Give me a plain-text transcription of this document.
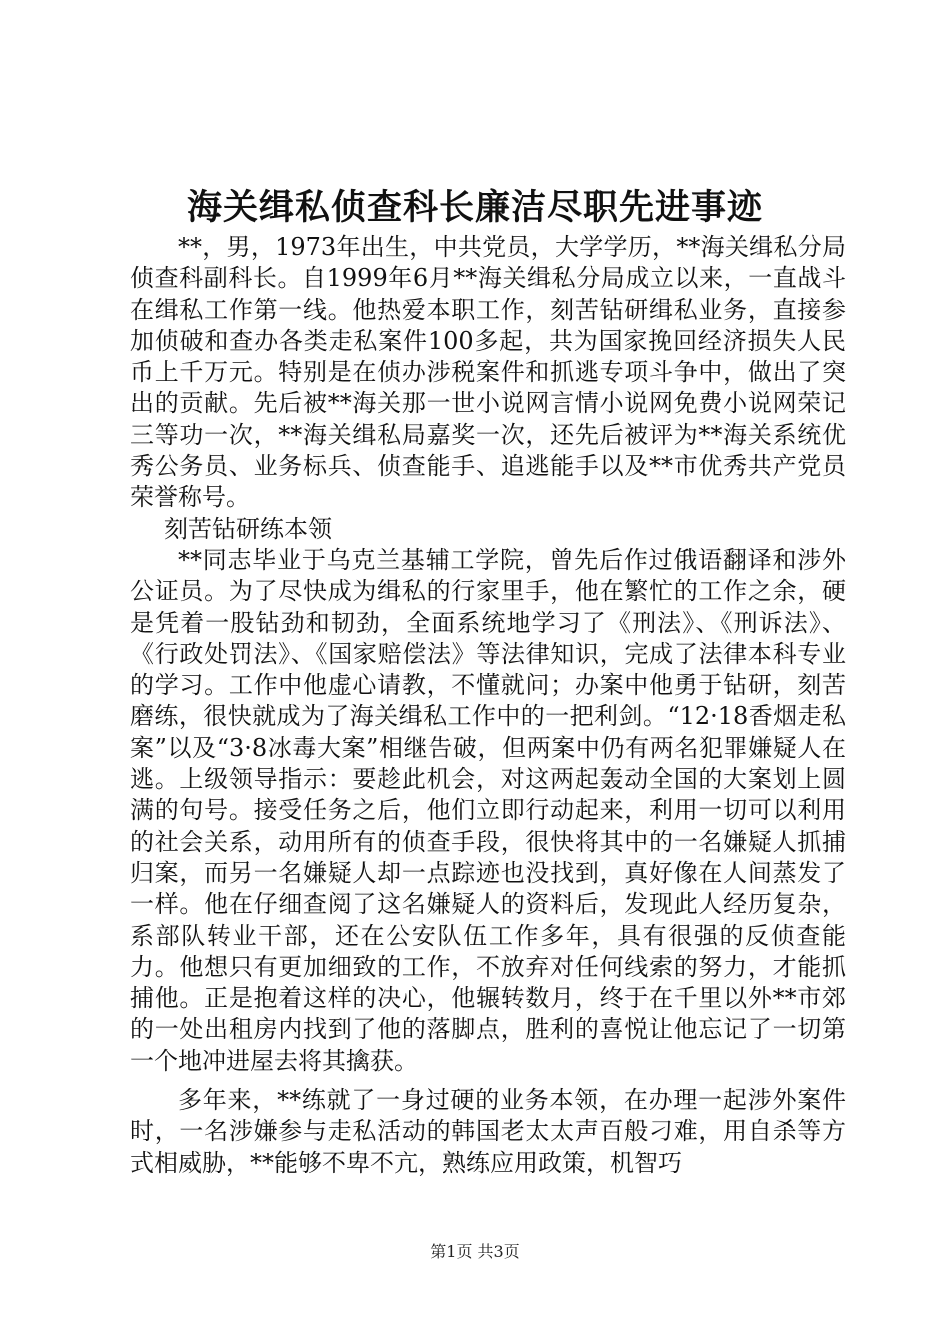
海关缉私侦查科长廉洁尽职先进事迹

**，男，1973年出生，中共党员，大学学历，**海关缉私分局侦查科副科长。自1999年6月**海关缉私分局成立以来，一直战斗在缉私工作第一线。他热爱本职工作，刻苦钻研缉私业务，直接参加侦破和查办各类走私案件100多起，共为国家挽回经济损失人民币上千万元。特别是在侦办涉税案件和抓逃专项斗争中，做出了突出的贡献。先后被**海关那一世小说网言情小说网免费小说网荣记三等功一次，**海关缉私局嘉奖一次，还先后被评为**海关系统优秀公务员、业务标兵、侦查能手、追逃能手以及**市优秀共产党员荣誉称号。

刻苦钻研练本领

**同志毕业于乌克兰基辅工学院，曾先后作过俄语翻译和涉外公证员。为了尽快成为缉私的行家里手，他在繁忙的工作之余，硬是凭着一股钻劲和韧劲，全面系统地学习了《刑法》、《刑诉法》、《行政处罚法》、《国家赔偿法》等法律知识，完成了法律本科专业的学习。工作中他虚心请教，不懂就问；办案中他勇于钻研，刻苦磨练，很快就成为了海关缉私工作中的一把利剑。“12·18香烟走私案”以及“3·8冰毒大案”相继告破，但两案中仍有两名犯罪嫌疑人在逃。上级领导指示：要趁此机会，对这两起轰动全国的大案划上圆满的句号。接受任务之后，他们立即行动起来，利用一切可以利用的社会关系，动用所有的侦查手段，很快将其中的一名嫌疑人抓捕归案，而另一名嫌疑人却一点踪迹也没找到，真好像在人间蒸发了一样。他在仔细查阅了这名嫌疑人的资料后，发现此人经历复杂，系部队转业干部，还在公安队伍工作多年，具有很强的反侦查能力。他想只有更加细致的工作，不放弃对任何线索的努力，才能抓捕他。正是抱着这样的决心，他辗转数月，终于在千里以外**市郊的一处出租房内找到了他的落脚点，胜利的喜悦让他忘记了一切第一个地冲进屋去将其擒获。

多年来，**练就了一身过硬的业务本领，在办理一起涉外案件时，一名涉嫌参与走私活动的韩国老太太声百般刁难，用自杀等方式相威胁，**能够不卑不亢，熟练应用政策，机智巧

第1页 共3页
